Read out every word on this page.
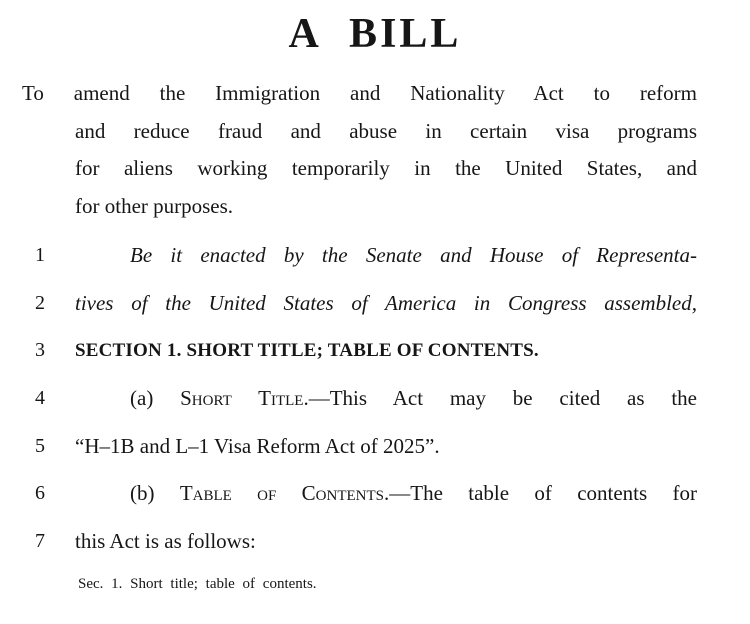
A BILL
To amend the Immigration and Nationality Act to reform
and reduce fraud and abuse in certain visa programs
for aliens working temporarily in the United States, and
for other purposes.
1	Be it enacted by the Senate and House of Representa-
2 tives of the United States of America in Congress assembled,
3 SECTION 1. SHORT TITLE; TABLE OF CONTENTS.
4	(a) Short Title.—This Act may be cited as the
5 “H–1B and L–1 Visa Reform Act of 2025”.
6	(b) Table of Contents.—The table of contents for
7 this Act is as follows:
Sec. 1. Short title; table of contents.
